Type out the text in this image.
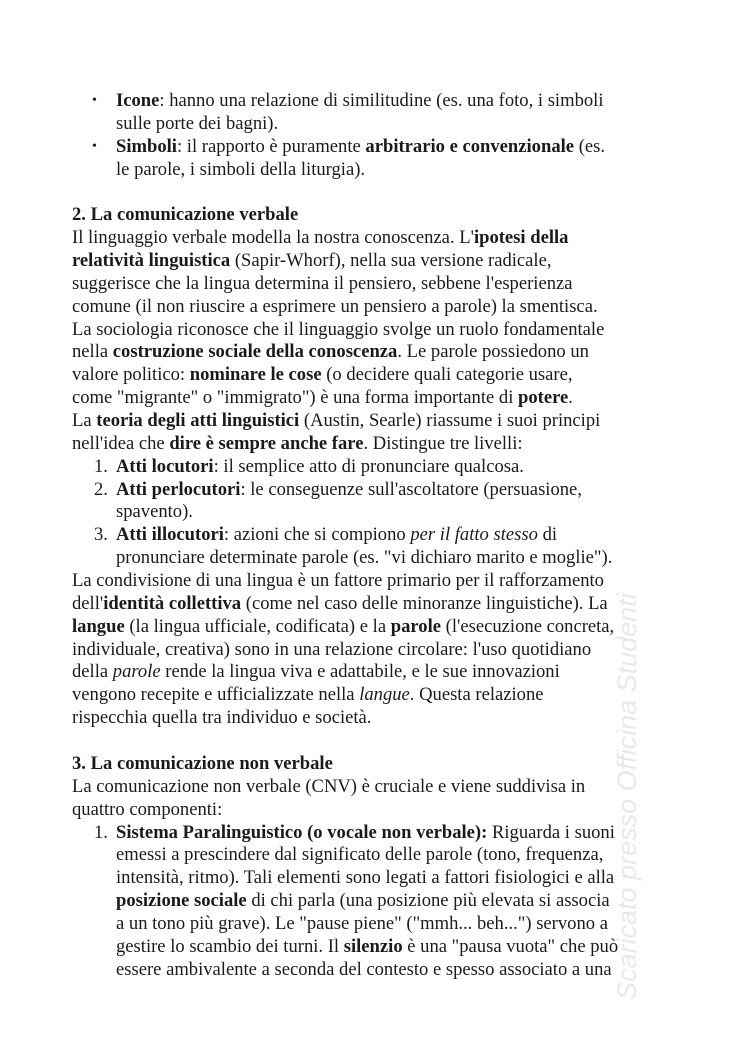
• Icone: hanno una relazione di similitudine (es. una foto, i simboli
sulle porte dei bagni).
• Simboli: il rapporto è puramente arbitrario e convenzionale (es.
le parole, i simboli della liturgia).
2. La comunicazione verbale
Il linguaggio verbale modella la nostra conoscenza. L'ipotesi della
relatività linguistica (Sapir-Whorf), nella sua versione radicale,
suggerisce che la lingua determina il pensiero, sebbene l'esperienza
comune (il non riuscire a esprimere un pensiero a parole) la smentisca.
La sociologia riconosce che il linguaggio svolge un ruolo fondamentale
nella costruzione sociale della conoscenza. Le parole possiedono un
valore politico: nominare le cose (o decidere quali categorie usare,
come "migrante" o "immigrato") è una forma importante di potere.
La teoria degli atti linguistici (Austin, Searle) riassume i suoi principi
nell'idea che dire è sempre anche fare. Distingue tre livelli:
1. Atti locutori: il semplice atto di pronunciare qualcosa.
2. Atti perlocutori: le conseguenze sull'ascoltatore (persuasione,
spavento).
3. Atti illocutori: azioni che si compiono per il fatto stesso di
pronunciare determinate parole (es. "vi dichiaro marito e moglie").
La condivisione di una lingua è un fattore primario per il rafforzamento
dell'identità collettiva (come nel caso delle minoranze linguistiche). La
langue (la lingua ufficiale, codificata) e la parole (l'esecuzione concreta,
individuale, creativa) sono in una relazione circolare: l'uso quotidiano
della parole rende la lingua viva e adattabile, e le sue innovazioni
vengono recepite e ufficializzate nella langue. Questa relazione
rispecchia quella tra individuo e società.
3. La comunicazione non verbale
La comunicazione non verbale (CNV) è cruciale e viene suddivisa in
quattro componenti:
1. Sistema Paralinguistico (o vocale non verbale): Riguarda i suoni
emessi a prescindere dal significato delle parole (tono, frequenza,
intensità, ritmo). Tali elementi sono legati a fattori fisiologici e alla
posizione sociale di chi parla (una posizione più elevata si associa
a un tono più grave). Le "pause piene" ("mmh... beh...") servono a
gestire lo scambio dei turni. Il silenzio è una "pausa vuota" che può
essere ambivalente a seconda del contesto e spesso associato a una Scaricato presso Officina Studenti
